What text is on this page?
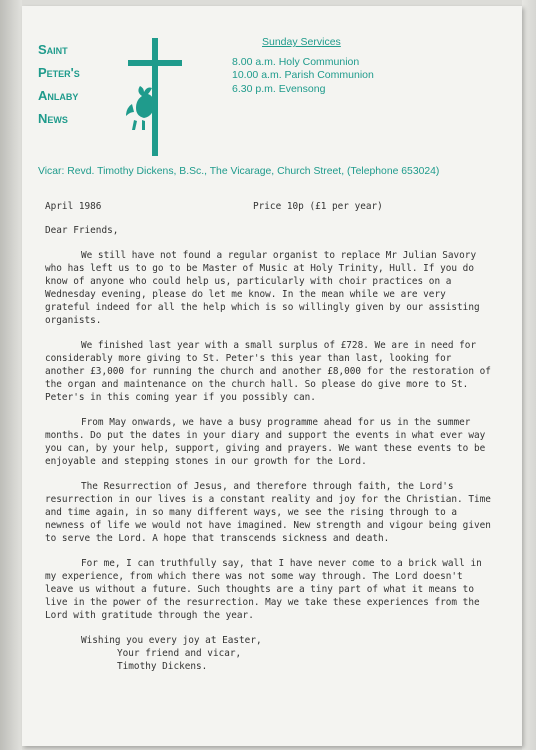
Saint
Peter's
Anlaby
News
Sunday Services
8.00 a.m. Holy Communion
10.00 a.m. Parish Communion
6.30 p.m. Evensong
Vicar: Revd. Timothy Dickens, B.Sc., The Vicarage, Church Street, (Telephone 653024)
April 1986	Price 10p (£1 per year)
Dear Friends,
We still have not found a regular organist to replace Mr Julian Savory who has left us to go to be Master of Music at Holy Trinity, Hull. If you do know of anyone who could help us, particularly with choir practices on a Wednesday evening, please do let me know. In the mean while we are very grateful indeed for all the help which is so willingly given by our assisting organists.
We finished last year with a small surplus of £728. We are in need for considerably more giving to St. Peter's this year than last, looking for another £3,000 for running the church and another £8,000 for the restoration of the organ and maintenance on the church hall. So please do give more to St. Peter's in this coming year if you possibly can.
From May onwards, we have a busy programme ahead for us in the summer months. Do put the dates in your diary and support the events in what ever way you can, by your help, support, giving and prayers. We want these events to be enjoyable and stepping stones in our growth for the Lord.
The Resurrection of Jesus, and therefore through faith, the Lord's resurrection in our lives is a constant reality and joy for the Christian. Time and time again, in so many different ways, we see the rising through to a newness of life we would not have imagined. New strength and vigour being given to serve the Lord. A hope that transcends sickness and death.
For me, I can truthfully say, that I have never come to a brick wall in my experience, from which there was not some way through. The Lord doesn't leave us without a future. Such thoughts are a tiny part of what it means to live in the power of the resurrection. May we take these experiences from the Lord with gratitude through the year.
Wishing you every joy at Easter,
Your friend and vicar,
Timothy Dickens.
